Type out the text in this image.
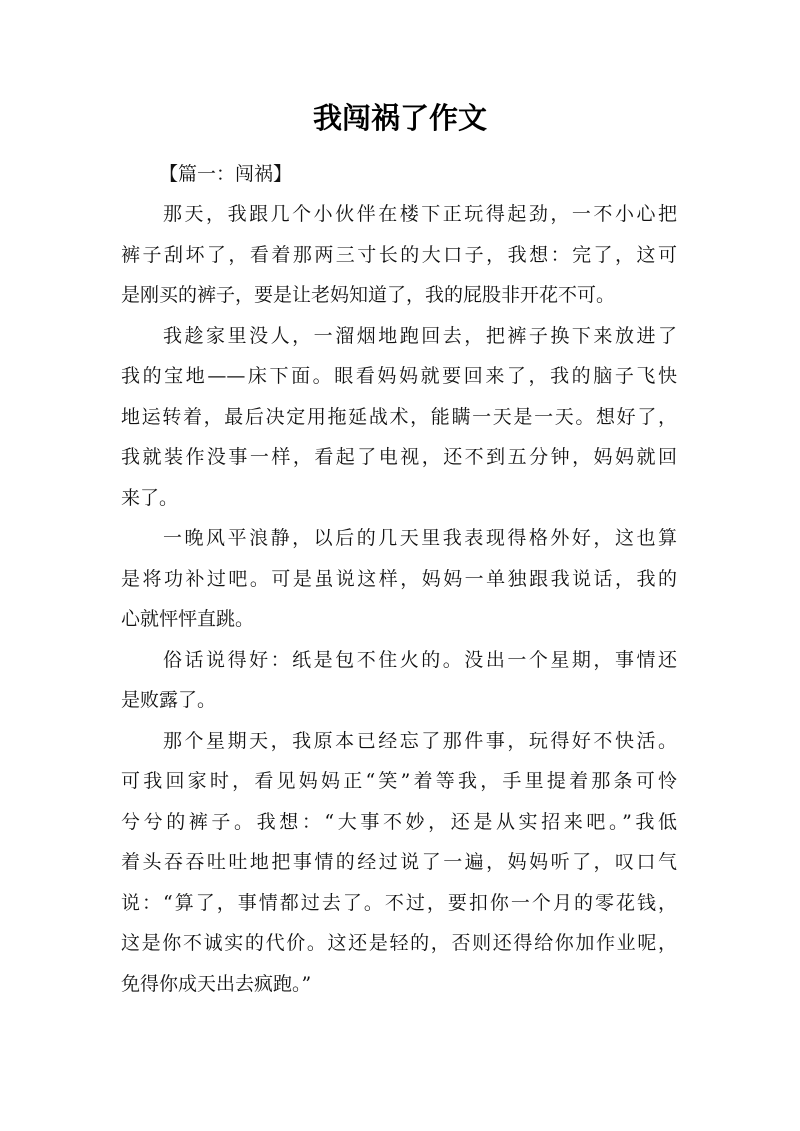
我闯祸了作文

【篇一：闯祸】

那天，我跟几个小伙伴在楼下正玩得起劲，一不小心把
裤子刮坏了，看着那两三寸长的大口子，我想：完了，这可
是刚买的裤子，要是让老妈知道了，我的屁股非开花不可。

我趁家里没人，一溜烟地跑回去，把裤子换下来放进了
我的宝地——床下面。眼看妈妈就要回来了，我的脑子飞快
地运转着，最后决定用拖延战术，能瞒一天是一天。想好了，
我就装作没事一样，看起了电视，还不到五分钟，妈妈就回
来了。

一晚风平浪静，以后的几天里我表现得格外好，这也算
是将功补过吧。可是虽说这样，妈妈一单独跟我说话，我的
心就怦怦直跳。

俗话说得好：纸是包不住火的。没出一个星期，事情还
是败露了。

那个星期天，我原本已经忘了那件事，玩得好不快活。
可我回家时，看见妈妈正“笑”着等我，手里提着那条可怜
兮兮的裤子。我想：“大事不妙，还是从实招来吧。”我低
着头吞吞吐吐地把事情的经过说了一遍，妈妈听了，叹口气
说：“算了，事情都过去了。不过，要扣你一个月的零花钱，
这是你不诚实的代价。这还是轻的，否则还得给你加作业呢，
免得你成天出去疯跑。”
